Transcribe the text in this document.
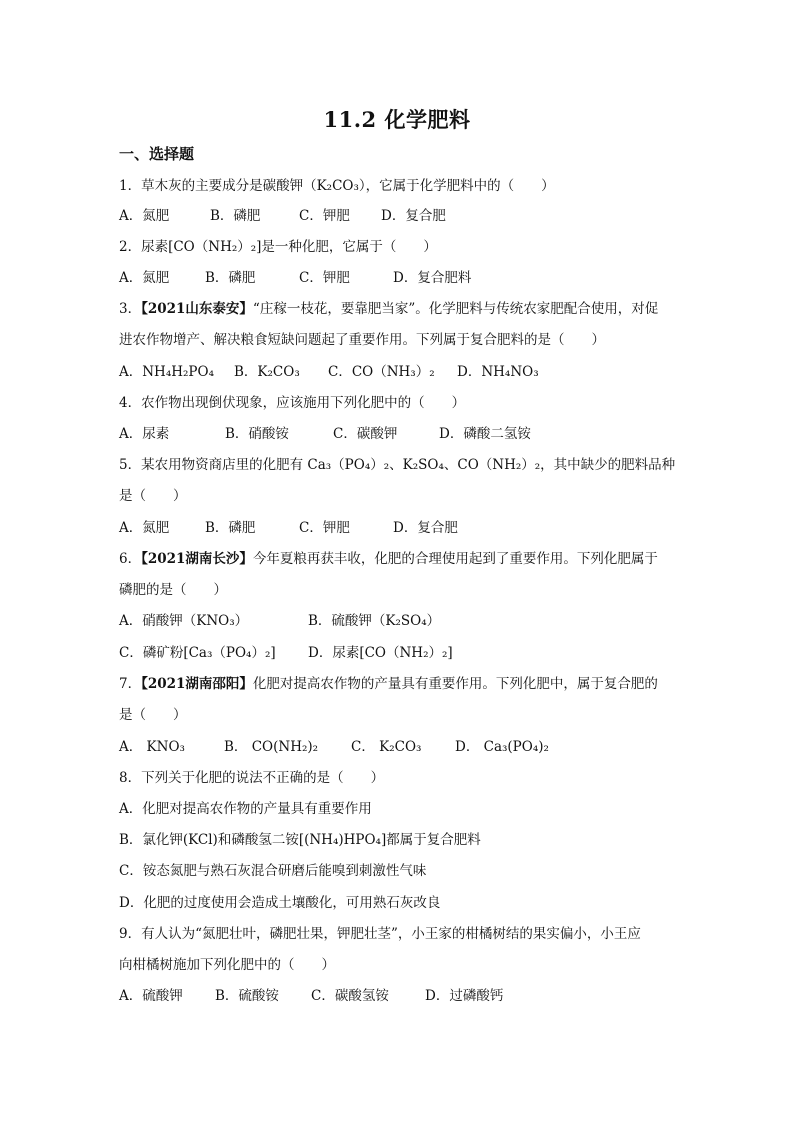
11.2 化学肥料
一、选择题
1．草木灰的主要成分是碳酸钾（K₂CO₃），它属于化学肥料中的（　　）
A．氮肥	B．磷肥	C．钾肥 D．复合肥
2．尿素[CO（NH₂）₂]是一种化肥，它属于（　　）
A．氮肥	B．磷肥	C．钾肥	D．复合肥料
3．【2021山东泰安】“庄稼一枝花，要靠肥当家”。化学肥料与传统农家肥配合使用，对促
进农作物增产、解决粮食短缺问题起了重要作用。下列属于复合肥料的是（　　）
A．NH₄H₂PO₄ B．K₂CO₃ C．CO（NH₃）₂ D．NH₄NO₃
4．农作物出现倒伏现象，应该施用下列化肥中的（　　）
A．尿素	B．硝酸铵	C．碳酸钾	D．磷酸二氢铵
5．某农用物资商店里的化肥有 Ca₃（PO₄）₂、K₂SO₄、CO（NH₂）₂，其中缺少的肥料品种
是（　　）
A．氮肥	B．磷肥	C．钾肥	D．复合肥
6．【2021湖南长沙】今年夏粮再获丰收，化肥的合理使用起到了重要作用。下列化肥属于
磷肥的是（　　）
A．硝酸钾（KNO₃）	B．硫酸钾（K₂SO₄）
C．磷矿粉[Ca₃（PO₄）₂] D．尿素[CO（NH₂）₂]
7．【2021湖南邵阳】化肥对提高农作物的产量具有重要作用。下列化肥中，属于复合肥的
是（　　）
A． KNO₃	B． CO(NH₂)₂ C． K₂CO₃ D． Ca₃(PO₄)₂
8．下列关于化肥的说法不正确的是（　　）
A．化肥对提高农作物的产量具有重要作用
B．氯化钾(KCl)和磷酸氢二铵[(NH₄)HPO₄]都属于复合肥料
C．铵态氮肥与熟石灰混合研磨后能嗅到刺激性气味
D．化肥的过度使用会造成土壤酸化，可用熟石灰改良
9．有人认为“氮肥壮叶，磷肥壮果，钾肥壮茎”，小王家的柑橘树结的果实偏小，小王应
向柑橘树施加下列化肥中的（　　）
A．硫酸钾 B．硫酸铵 C．碳酸氢铵	D．过磷酸钙
